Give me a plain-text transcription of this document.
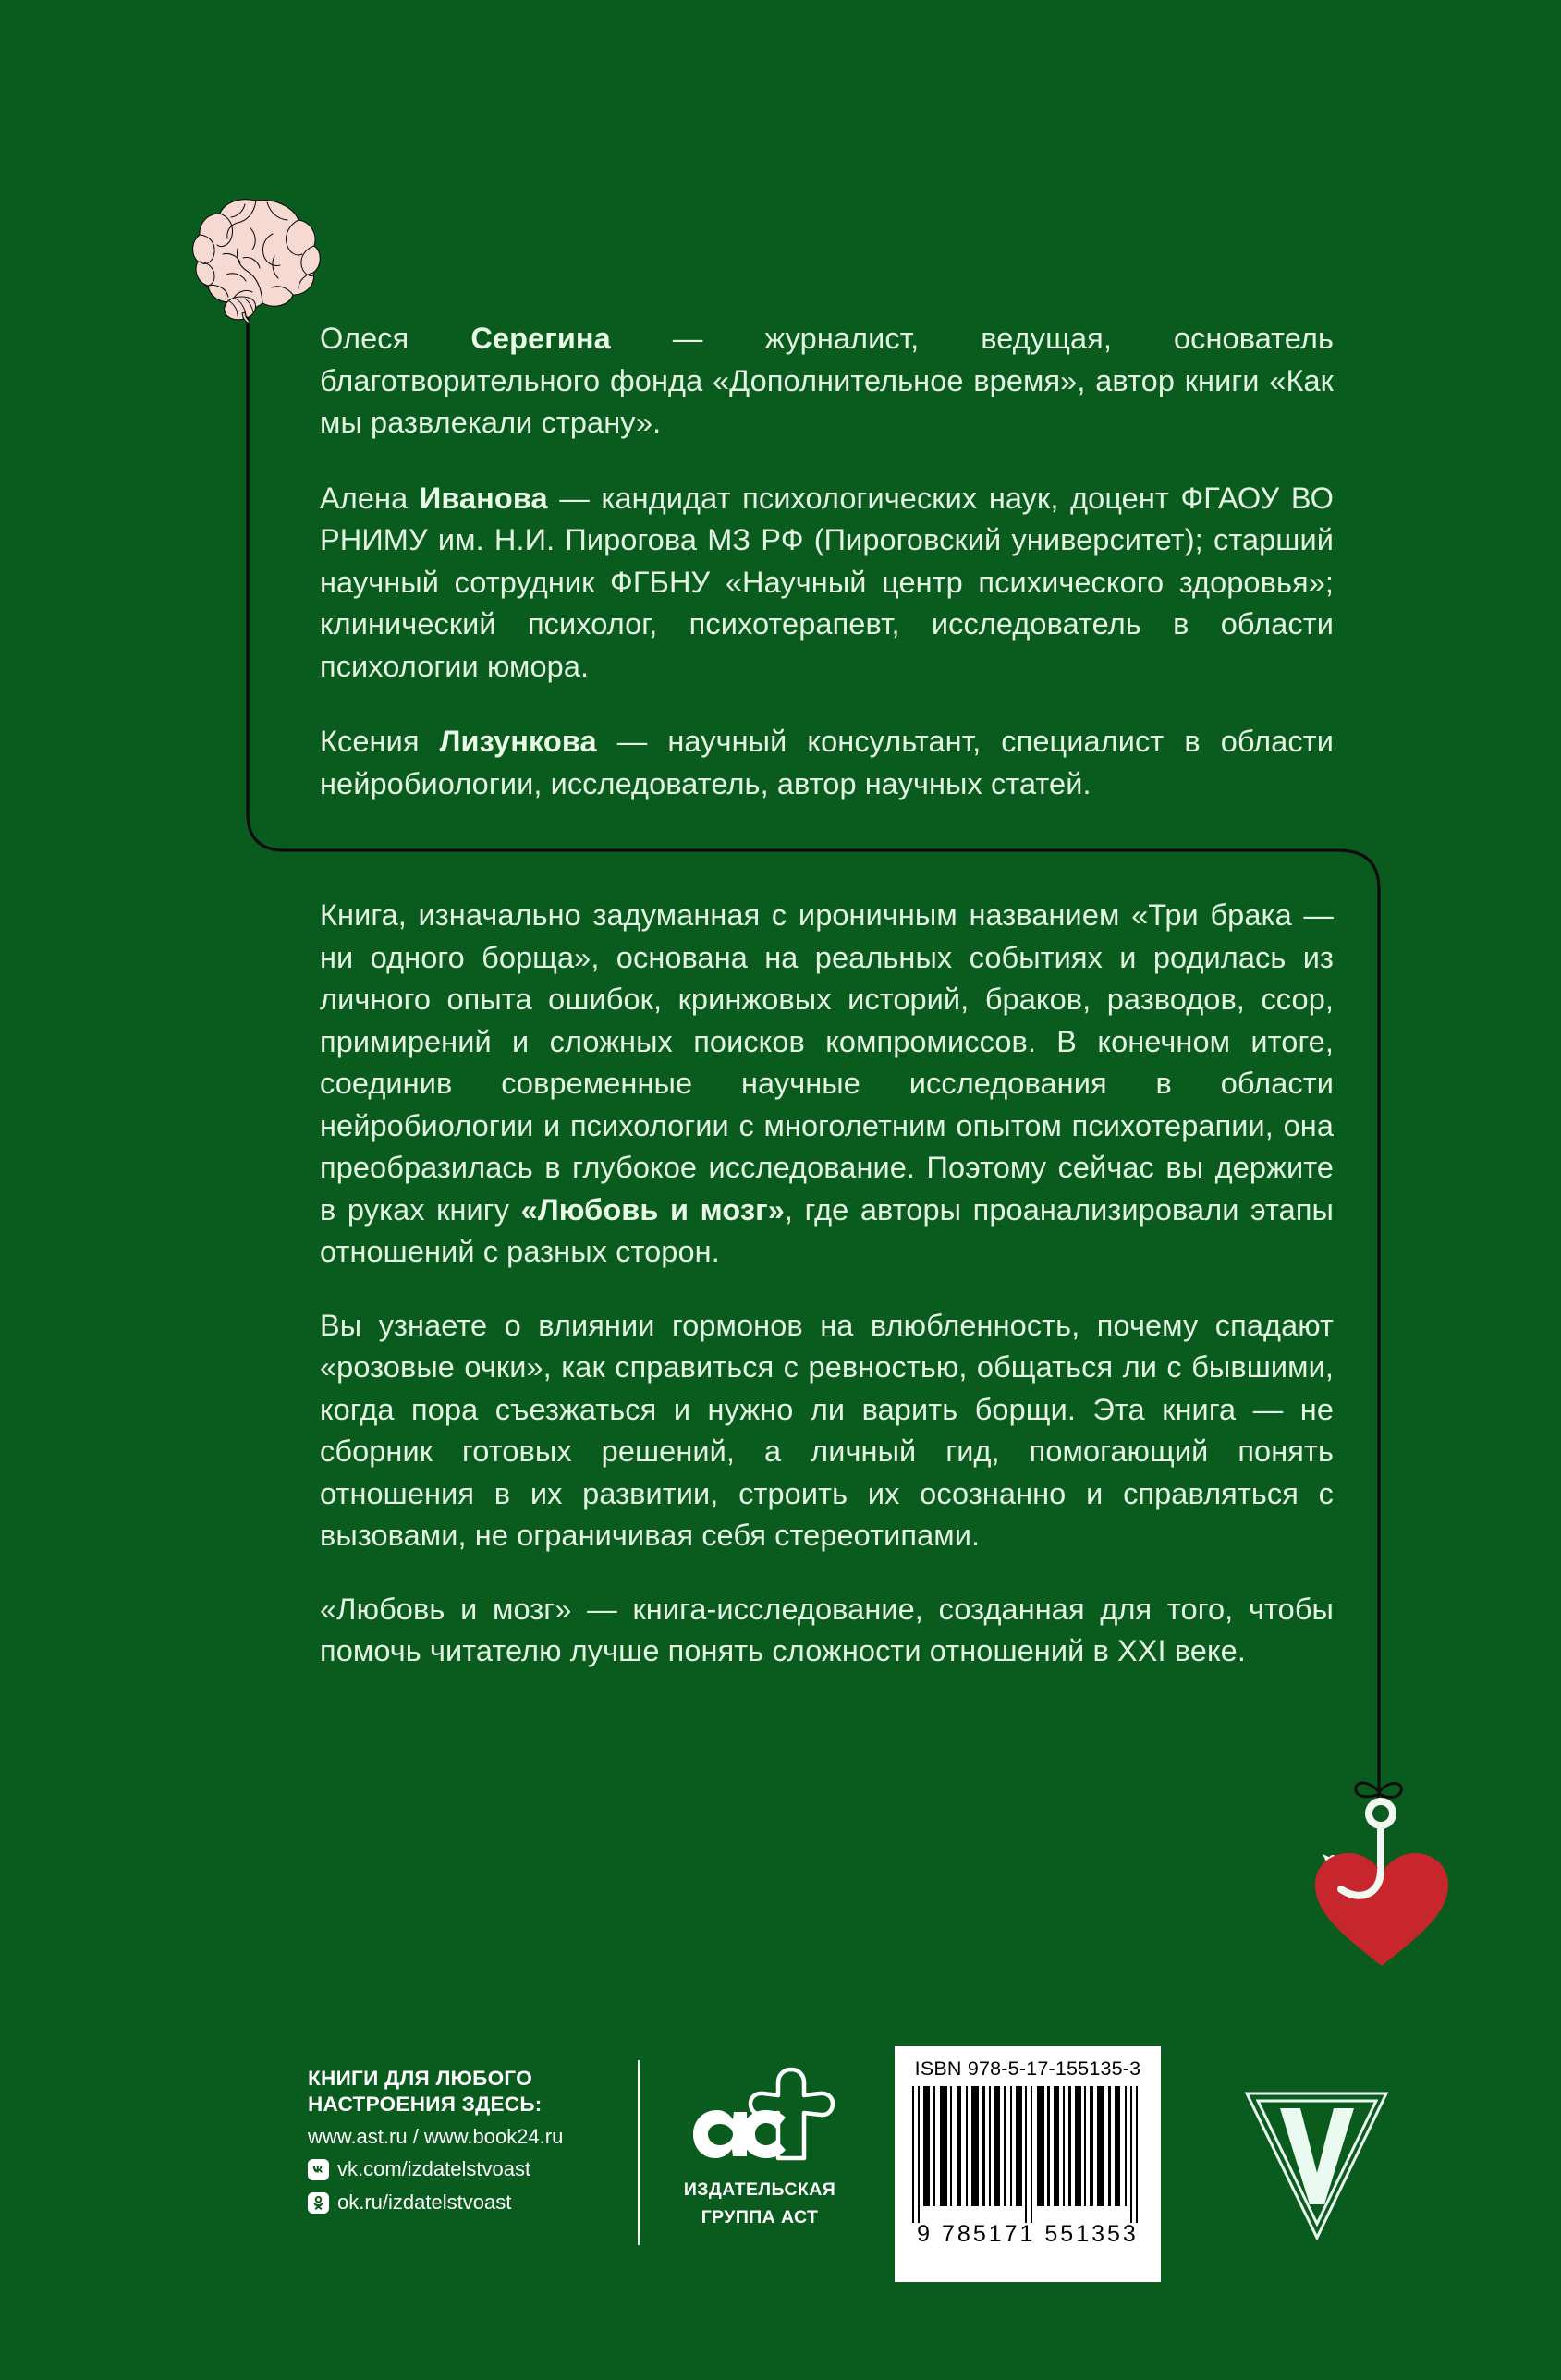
Олеся Серегина — журналист, ведущая, основатель благотворительного фонда «Дополнительное время», автор книги «Как мы развлекали страну».

Алена Иванова — кандидат психологических наук, доцент ФГАОУ ВО РНИМУ им. Н.И. Пирогова МЗ РФ (Пироговский университет); старший научный сотрудник ФГБНУ «Научный центр психического здоровья»; клинический психолог, психотерапевт, исследователь в области психологии юмора.

Ксения Лизункова — научный консультант, специалист в области нейробиологии, исследователь, автор научных статей.

Книга, изначально задуманная с ироничным названием «Три брака — ни одного борща», основана на реальных событиях и родилась из личного опыта ошибок, кринжовых историй, браков, разводов, ссор, примирений и сложных поисков компромиссов. В конечном итоге, соединив современные научные исследования в области нейробиологии и психологии с многолетним опытом психотерапии, она преобразилась в глубокое исследование. Поэтому сейчас вы держите в руках книгу «Любовь и мозг», где авторы проанализировали этапы отношений с разных сторон.

Вы узнаете о влиянии гормонов на влюбленность, почему спадают «розовые очки», как справиться с ревностью, общаться ли с бывшими, когда пора съезжаться и нужно ли варить борщи. Эта книга — не сборник готовых решений, а личный гид, помогающий понять отношения в их развитии, строить их осознанно и справляться с вызовами, не ограничивая себя стереотипами.

«Любовь и мозг» — книга-исследование, созданная для того, чтобы помочь читателю лучше понять сложности отношений в XXI веке.

КНИГИ ДЛЯ ЛЮБОГО
НАСТРОЕНИЯ ЗДЕСЬ:
www.ast.ru / www.book24.ru
vk.com/izdatelstvoast
ok.ru/izdatelstvoast
ИЗДАТЕЛЬСКАЯ
ГРУППА АСТ
ISBN 978-5-17-155135-3
9 785171 551353
